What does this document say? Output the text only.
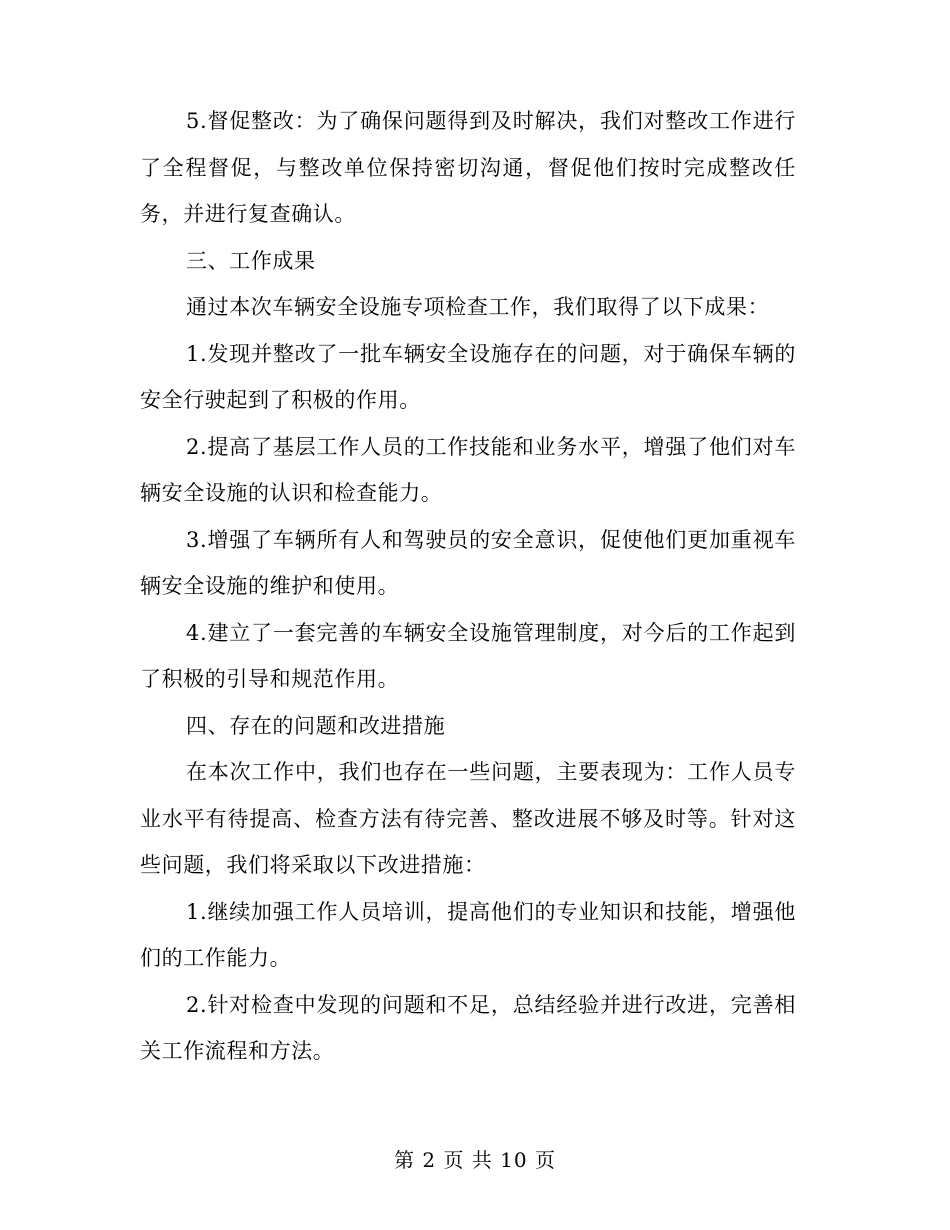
5.督促整改：为了确保问题得到及时解决，我们对整改工作进行了全程督促，与整改单位保持密切沟通，督促他们按时完成整改任务，并进行复查确认。

三、工作成果

通过本次车辆安全设施专项检查工作，我们取得了以下成果：

1.发现并整改了一批车辆安全设施存在的问题，对于确保车辆的安全行驶起到了积极的作用。

2.提高了基层工作人员的工作技能和业务水平，增强了他们对车辆安全设施的认识和检查能力。

3.增强了车辆所有人和驾驶员的安全意识，促使他们更加重视车辆安全设施的维护和使用。

4.建立了一套完善的车辆安全设施管理制度，对今后的工作起到了积极的引导和规范作用。

四、存在的问题和改进措施

在本次工作中，我们也存在一些问题，主要表现为：工作人员专业水平有待提高、检查方法有待完善、整改进展不够及时等。针对这些问题，我们将采取以下改进措施：

1.继续加强工作人员培训，提高他们的专业知识和技能，增强他们的工作能力。

2.针对检查中发现的问题和不足，总结经验并进行改进，完善相关工作流程和方法。

第 2 页 共 10 页
